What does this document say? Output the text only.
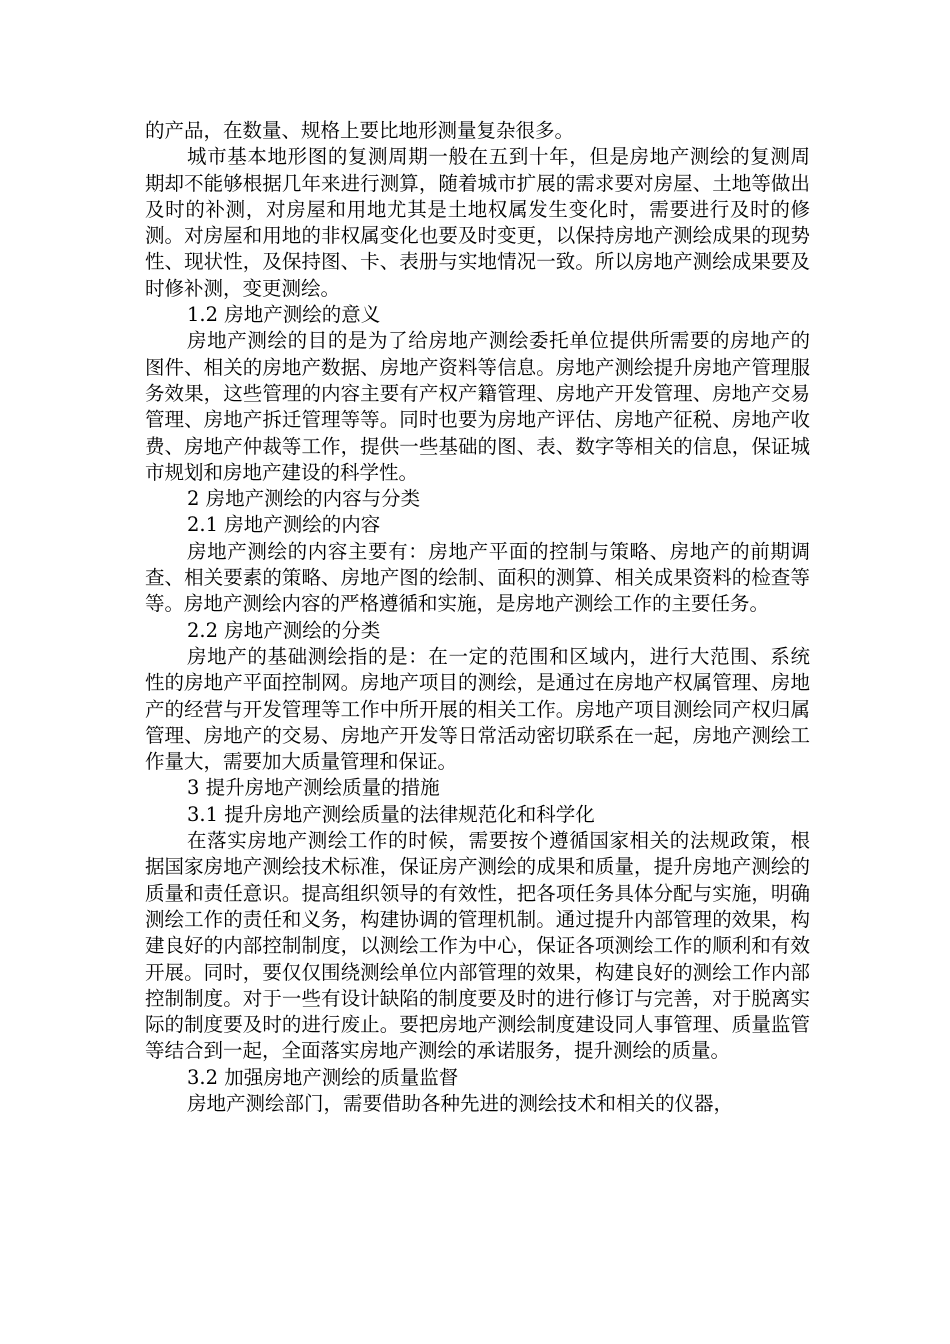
的产品，在数量、规格上要比地形测量复杂很多。

城市基本地形图的复测周期一般在五到十年，但是房地产测绘的复测周期却不能够根据几年来进行测算，随着城市扩展的需求要对房屋、土地等做出及时的补测，对房屋和用地尤其是土地权属发生变化时，需要进行及时的修测。对房屋和用地的非权属变化也要及时变更，以保持房地产测绘成果的现势性、现状性，及保持图、卡、表册与实地情况一致。所以房地产测绘成果要及时修补测，变更测绘。

1.2 房地产测绘的意义

房地产测绘的目的是为了给房地产测绘委托单位提供所需要的房地产的图件、相关的房地产数据、房地产资料等信息。房地产测绘提升房地产管理服务效果，这些管理的内容主要有产权产籍管理、房地产开发管理、房地产交易管理、房地产拆迁管理等等。同时也要为房地产评估、房地产征税、房地产收费、房地产仲裁等工作，提供一些基础的图、表、数字等相关的信息，保证城市规划和房地产建设的科学性。

2 房地产测绘的内容与分类

2.1 房地产测绘的内容

房地产测绘的内容主要有：房地产平面的控制与策略、房地产的前期调查、相关要素的策略、房地产图的绘制、面积的测算、相关成果资料的检查等等。房地产测绘内容的严格遵循和实施，是房地产测绘工作的主要任务。

2.2 房地产测绘的分类

房地产的基础测绘指的是：在一定的范围和区域内，进行大范围、系统性的房地产平面控制网。房地产项目的测绘，是通过在房地产权属管理、房地产的经营与开发管理等工作中所开展的相关工作。房地产项目测绘同产权归属管理、房地产的交易、房地产开发等日常活动密切联系在一起，房地产测绘工作量大，需要加大质量管理和保证。

3 提升房地产测绘质量的措施

3.1 提升房地产测绘质量的法律规范化和科学化

在落实房地产测绘工作的时候，需要按个遵循国家相关的法规政策，根据国家房地产测绘技术标准，保证房产测绘的成果和质量，提升房地产测绘的质量和责任意识。提高组织领导的有效性，把各项任务具体分配与实施，明确测绘工作的责任和义务，构建协调的管理机制。通过提升内部管理的效果，构建良好的内部控制制度，以测绘工作为中心，保证各项测绘工作的顺利和有效开展。同时，要仅仅围绕测绘单位内部管理的效果，构建良好的测绘工作内部控制制度。对于一些有设计缺陷的制度要及时的进行修订与完善，对于脱离实际的制度要及时的进行废止。要把房地产测绘制度建设同人事管理、质量监管等结合到一起，全面落实房地产测绘的承诺服务，提升测绘的质量。

3.2 加强房地产测绘的质量监督

房地产测绘部门，需要借助各种先进的测绘技术和相关的仪器，
